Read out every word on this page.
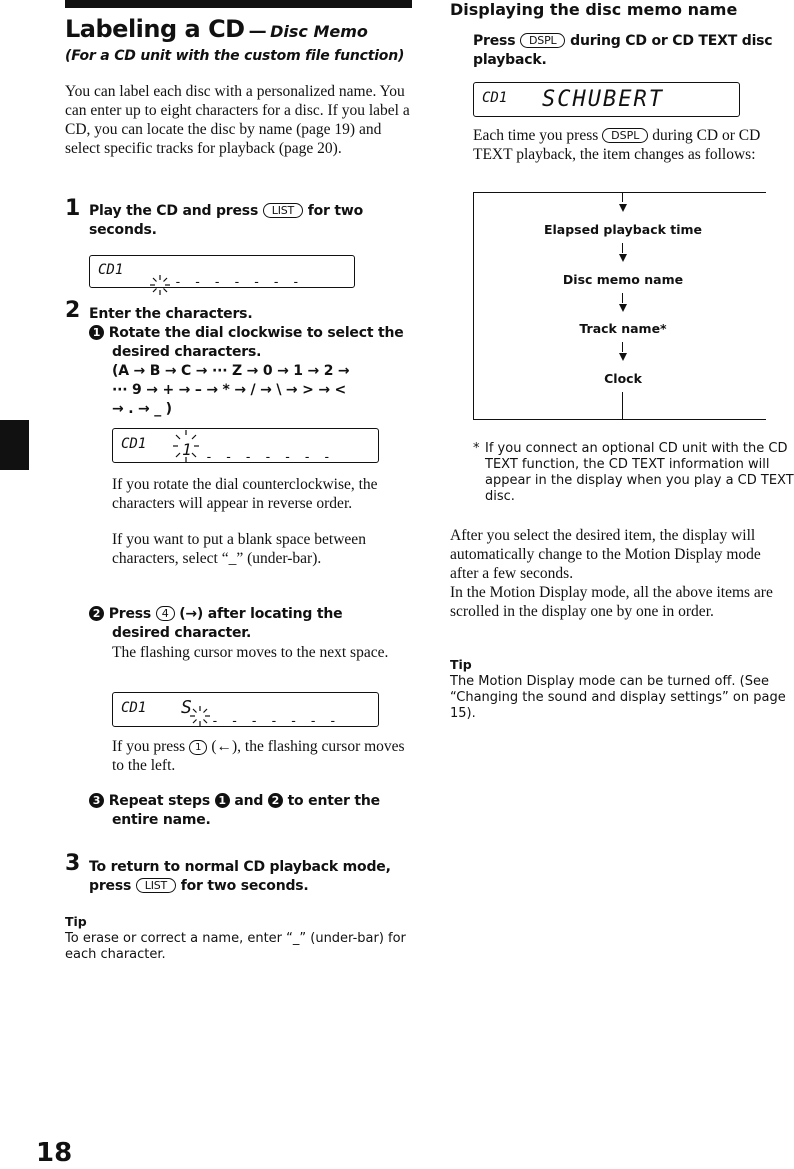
Labeling a CD — Disc Memo
(For a CD unit with the custom file function)
You can label each disc with a personalized name. You can enter up to eight characters for a disc. If you label a CD, you can locate the disc by name (page 19) and select specific tracks for playback (page 20).
1 Play the CD and press LIST for two
seconds.
CD1
- - - - - - -
2 Enter the characters.
1 Rotate the dial clockwise to select the
desired characters.
(A → B → C → ··· Z → 0 → 1 → 2 →
··· 9 → + → – → * → / → \ → > → <
→ . → _ )
CD1 1 - - - - - - -
If you rotate the dial counterclockwise, the characters will appear in reverse order.
If you want to put a blank space between characters, select “_” (under-bar).
2 Press 4 (→) after locating the
desired character.
The flashing cursor moves to the next space.
CD1 S
- - - - - - -
If you press 1 (←), the flashing cursor moves to the left.
3 Repeat steps 1 and 2 to enter the
entire name.
3 To return to normal CD playback mode,
press LIST for two seconds.
Tip
To erase or correct a name, enter “_” (under-bar) for each character.
Displaying the disc memo name
Press DSPL during CD or CD TEXT disc
playback.
CD1 SCHUBERT
Each time you press DSPL during CD or CD TEXT playback, the item changes as follows:
Elapsed playback time
Disc memo name
Track name*
Clock
* If you connect an optional CD unit with the CD TEXT function, the CD TEXT information will appear in the display when you play a CD TEXT disc.
After you select the desired item, the display will automatically change to the Motion Display mode after a few seconds.
In the Motion Display mode, all the above items are scrolled in the display one by one in order.
Tip
The Motion Display mode can be turned off. (See “Changing the sound and display settings” on page 15).
18
